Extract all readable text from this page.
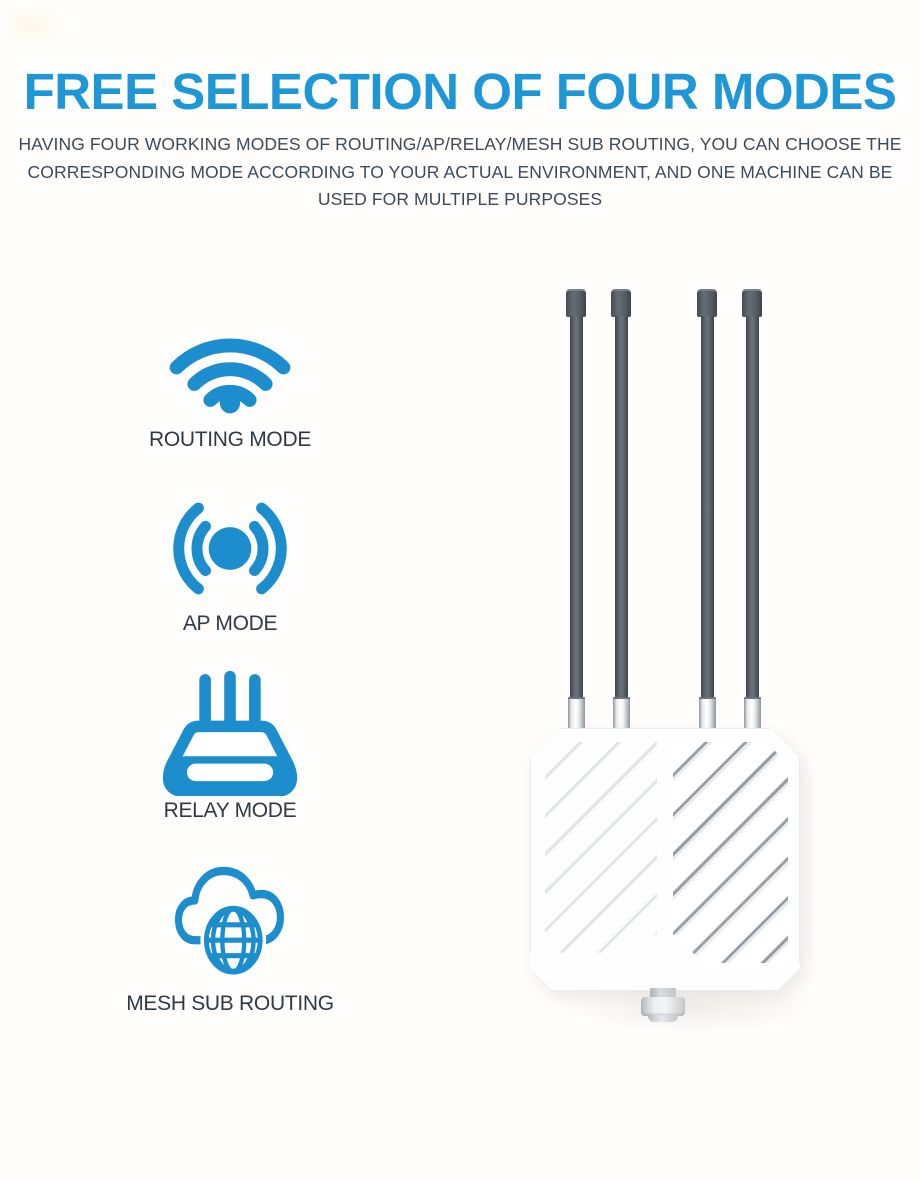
FREE SELECTION OF FOUR MODES
HAVING FOUR WORKING MODES OF ROUTING/AP/RELAY/MESH SUB ROUTING, YOU CAN CHOOSE THE
CORRESPONDING MODE ACCORDING TO YOUR ACTUAL ENVIRONMENT, AND ONE MACHINE CAN BE
USED FOR MULTIPLE PURPOSES
ROUTING MODE
AP MODE
RELAY MODE
MESH SUB ROUTING
